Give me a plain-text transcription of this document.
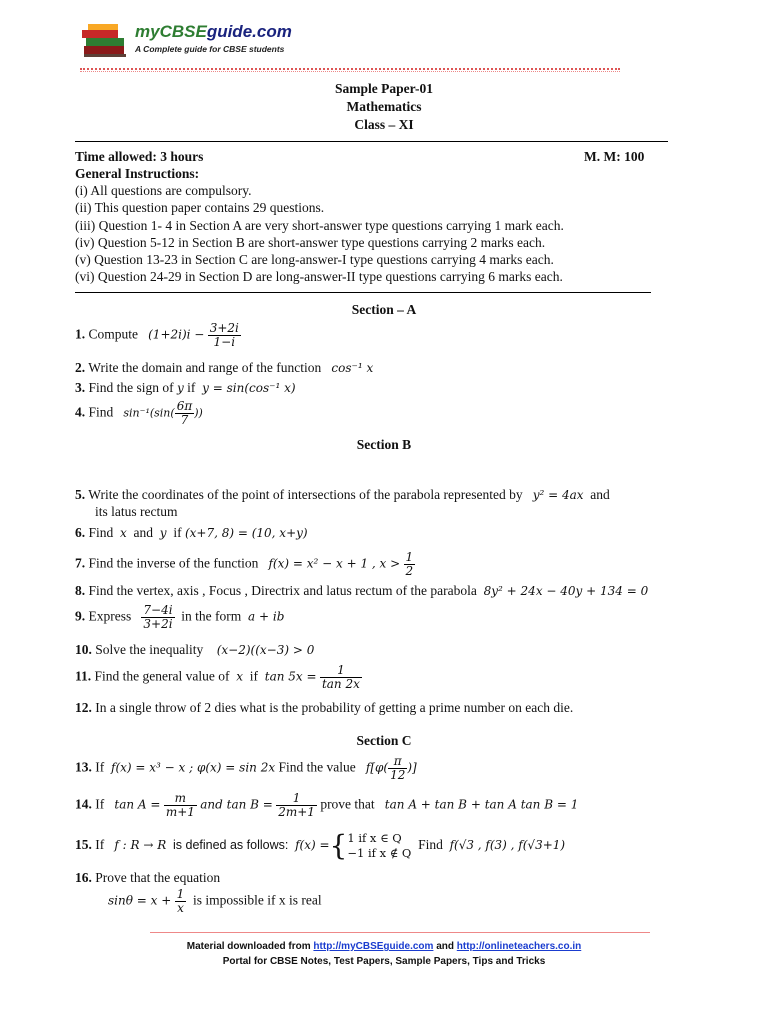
myCBSEguide.com
A Complete guide for CBSE students
Sample Paper-01
Mathematics
Class – XI
Time allowed: 3 hours	M. M: 100
General Instructions:
(i) All questions are compulsory.
(ii) This question paper contains 29 questions.
(iii) Question 1- 4 in Section A are very short-answer type questions carrying 1 mark each.
(iv) Question 5-12 in Section B are short-answer type questions carrying 2 marks each.
(v) Question 13-23 in Section C are long-answer-I type questions carrying 4 marks each.
(vi) Question 24-29 in Section D are long-answer-II type questions carrying 6 marks each.
Section – A
1. Compute $(1+2i)i - \frac{3+2i}{1-i}$
2. Write the domain and range of the function cos⁻¹ x
3. Find the sign of y if y = sin(cos⁻¹ x)
4. Find $\sin^{-1}(\sin( \frac{6\pi}{7}$ ))
Section B
5. Write the coordinates of the point of intersections of the parabola represented by y² = 4ax and
its latus rectum
6. Find x and y if (x+7, 8) = (10, x+y)
7. Find the inverse of the function f(x) = x² − x + 1 , $x > \frac{1}{2}$
8. Find the vertex, axis , Focus , Directrix and latus rectum of the parabola 8y² + 24x − 40y + 134 = 0
9. Express $\frac{7-4i}{3+2i}$ in the form a + ib
10. Solve the inequality (x−2)((x−3) > 0
11. Find the general value of x if $\tan 5x = \frac{1}{\tan 2x}$
12. In a single throw of 2 dies what is the probability of getting a prime number on each die.
Section C
13. If f(x) = x³ − x ; φ(x) = sin 2x Find the value $f[\varphi( \frac{\pi}{12}$ )]
14. If $\tan A = \frac{m}{m+1}$ and $\tan B = \frac{1}{2m+1}$ prove that tan A + tan B + tan A tan B = 1
15. If f : R → R is defined as follows: f(x) ={ 1 if x ∈ Q
−1 if x ∉ Q
Find f(√3 , f(3) , f(√3+1)
16. Prove that the equation
$\sin\theta = x + \frac{1}{x}$ is impossible if x is real
Material downloaded from http://myCBSEguide.com and http://onlineteachers.co.in
Portal for CBSE Notes, Test Papers, Sample Papers, Tips and Tricks
